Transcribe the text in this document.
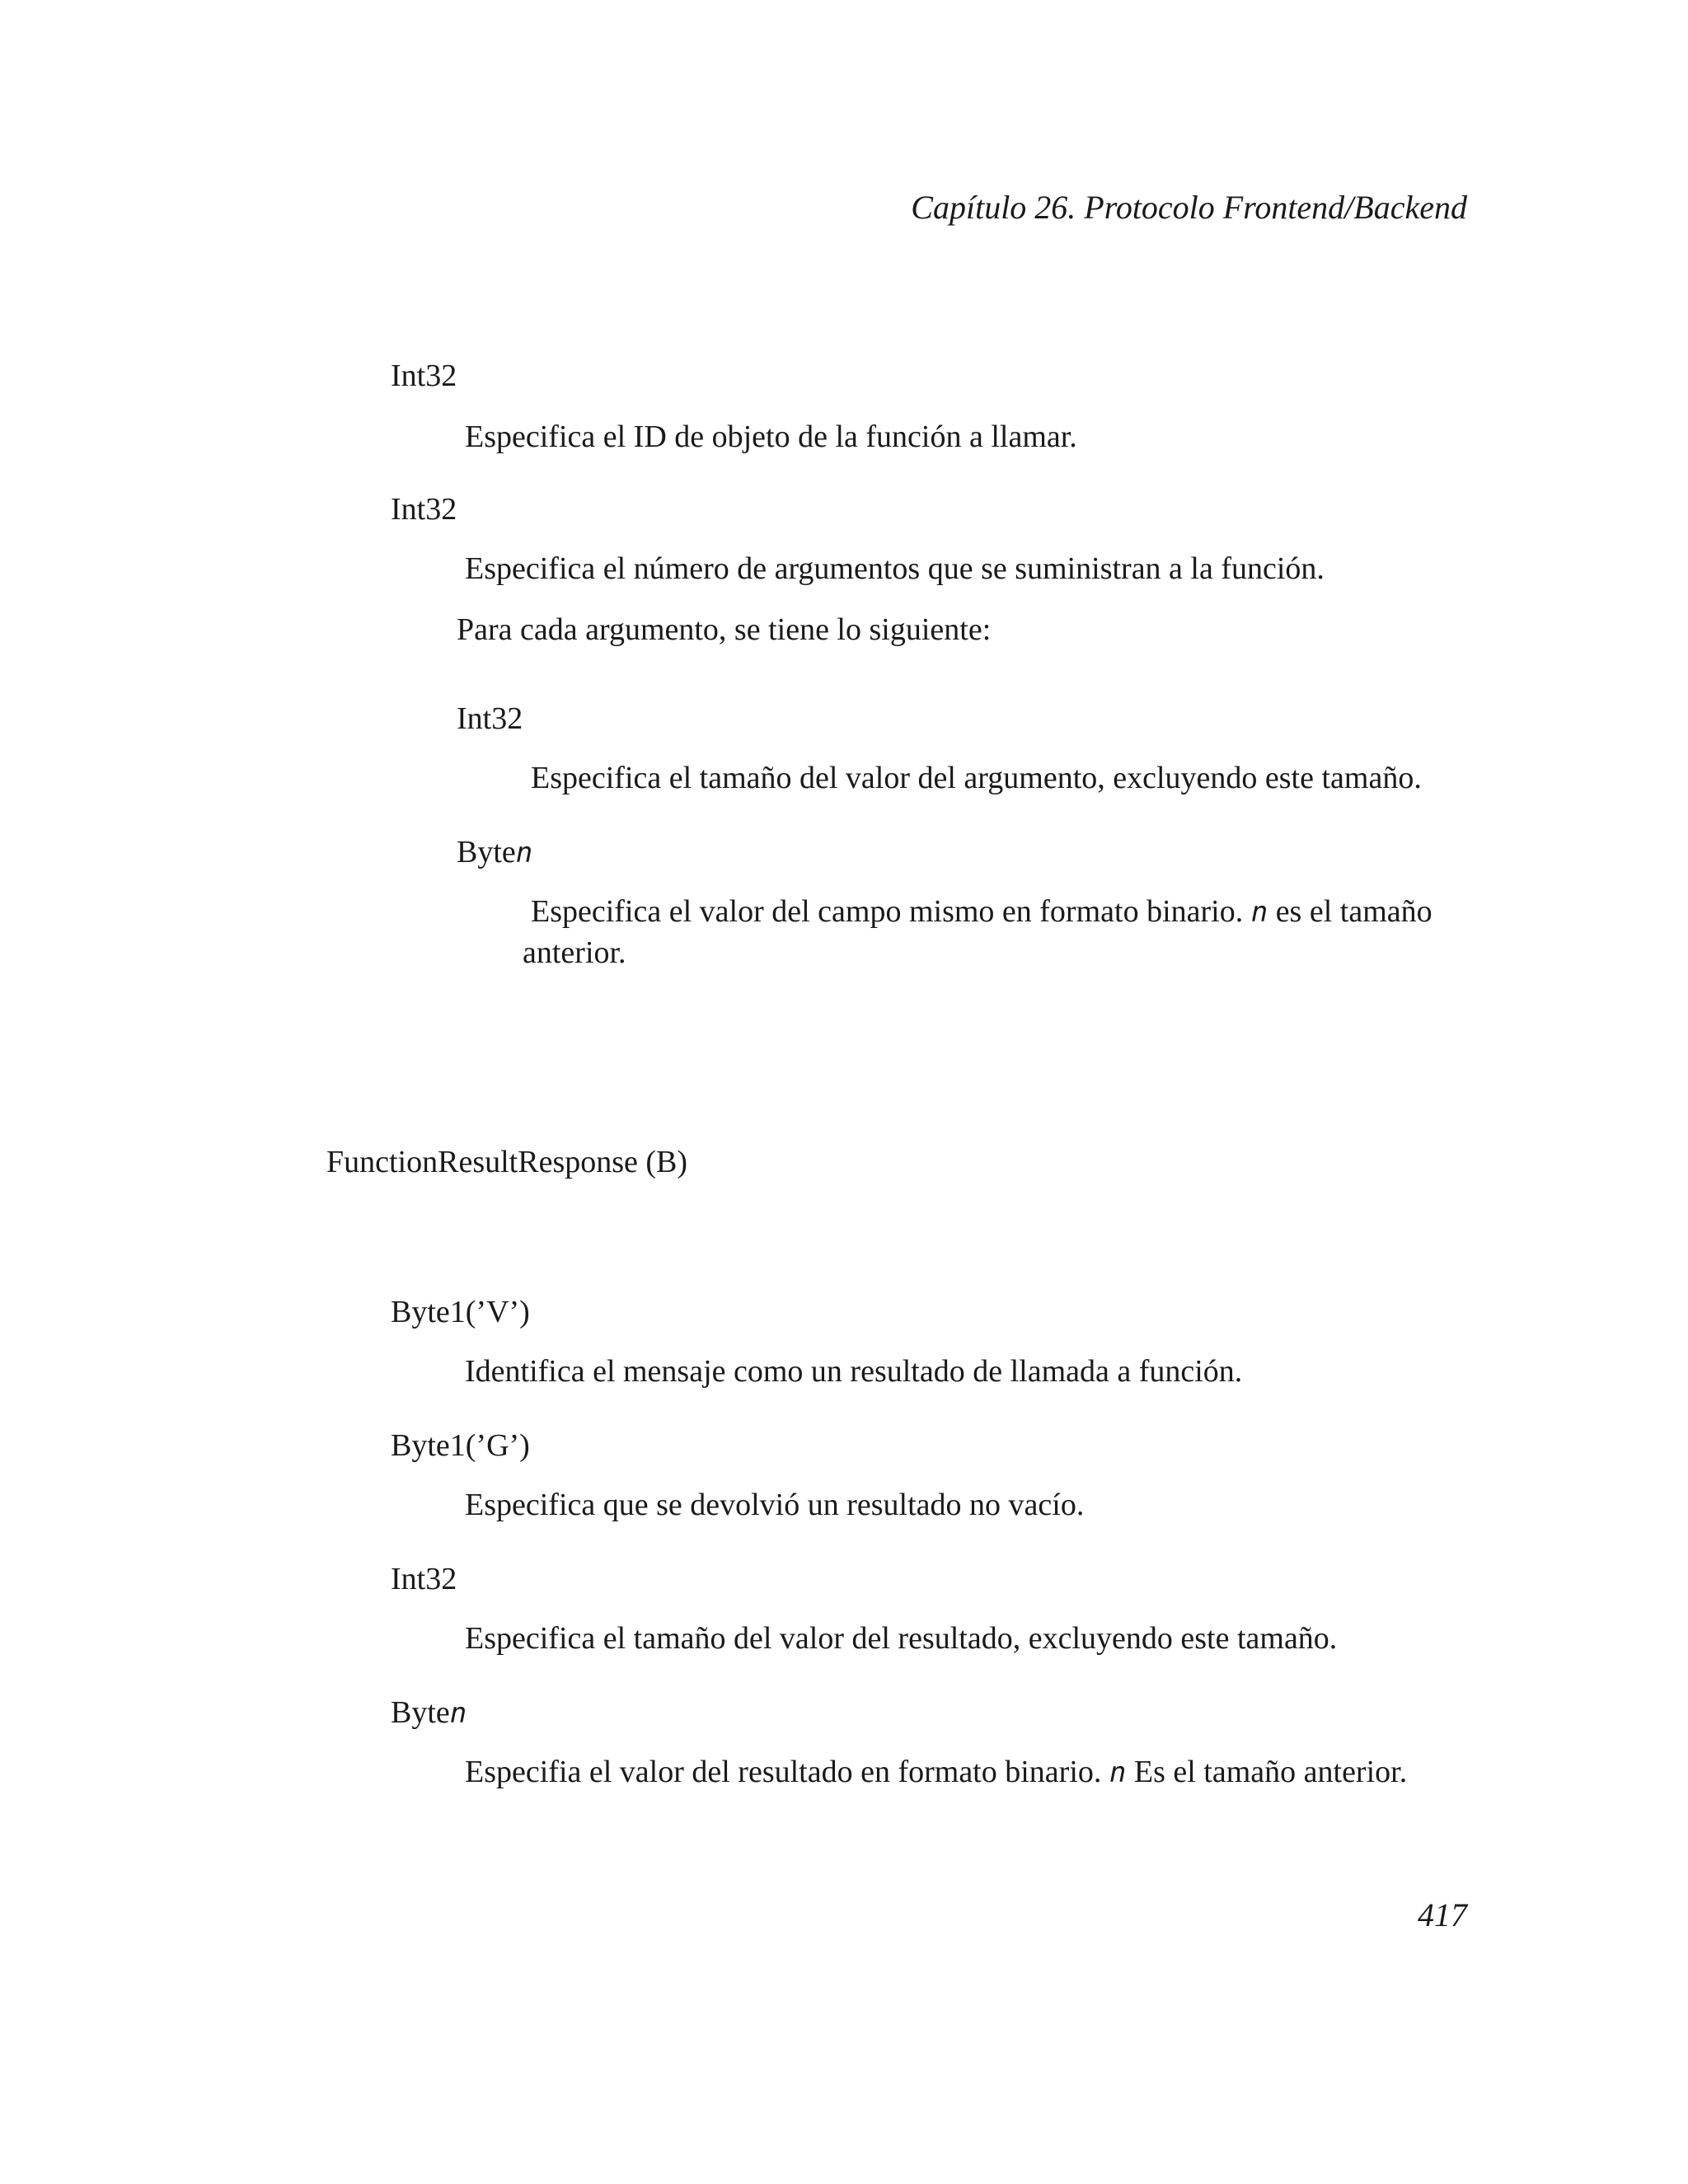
Capítulo 26. Protocolo Frontend/Backend
Int32
Especifica el ID de objeto de la función a llamar.
Int32
Especifica el número de argumentos que se suministran a la función.
Para cada argumento, se tiene lo siguiente:
Int32
Especifica el tamaño del valor del argumento, excluyendo este tamaño.
Byten
Especifica el valor del campo mismo en formato binario. n es el tamaño
anterior.
FunctionResultResponse (B)
Byte1(’V’)
Identifica el mensaje como un resultado de llamada a función.
Byte1(’G’)
Especifica que se devolvió un resultado no vacío.
Int32
Especifica el tamaño del valor del resultado, excluyendo este tamaño.
Byten
Especifia el valor del resultado en formato binario. n Es el tamaño anterior.
417
